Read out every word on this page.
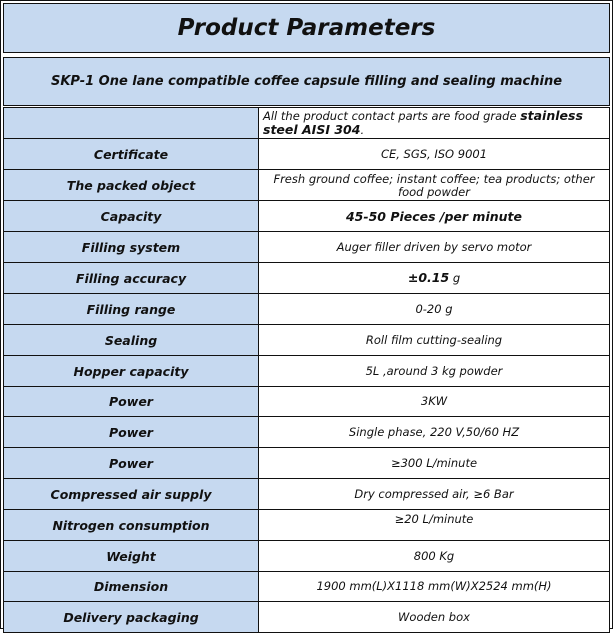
Product Parameters
SKP-1 One lane compatible coffee capsule filling and sealing machine
	All the product contact parts are food grade stainless steel AISI 304.
Certificate	CE, SGS, ISO 9001
The packed object	Fresh ground coffee; instant coffee; tea products; other food powder
Capacity	45-50 Pieces /per minute
Filling system	Auger filler driven by servo motor
Filling accuracy	±0.15 g
Filling range	0-20 g
Sealing	Roll film cutting-sealing
Hopper capacity	5L ,around 3 kg powder
Power	3KW
Power	Single phase, 220 V,50/60 HZ
Power	≥300 L/minute
Compressed air supply	Dry compressed air, ≥6 Bar
Nitrogen consumption	≥20 L/minute
Weight	800 Kg
Dimension	1900 mm(L)X1118 mm(W)X2524 mm(H)
Delivery packaging	Wooden box
